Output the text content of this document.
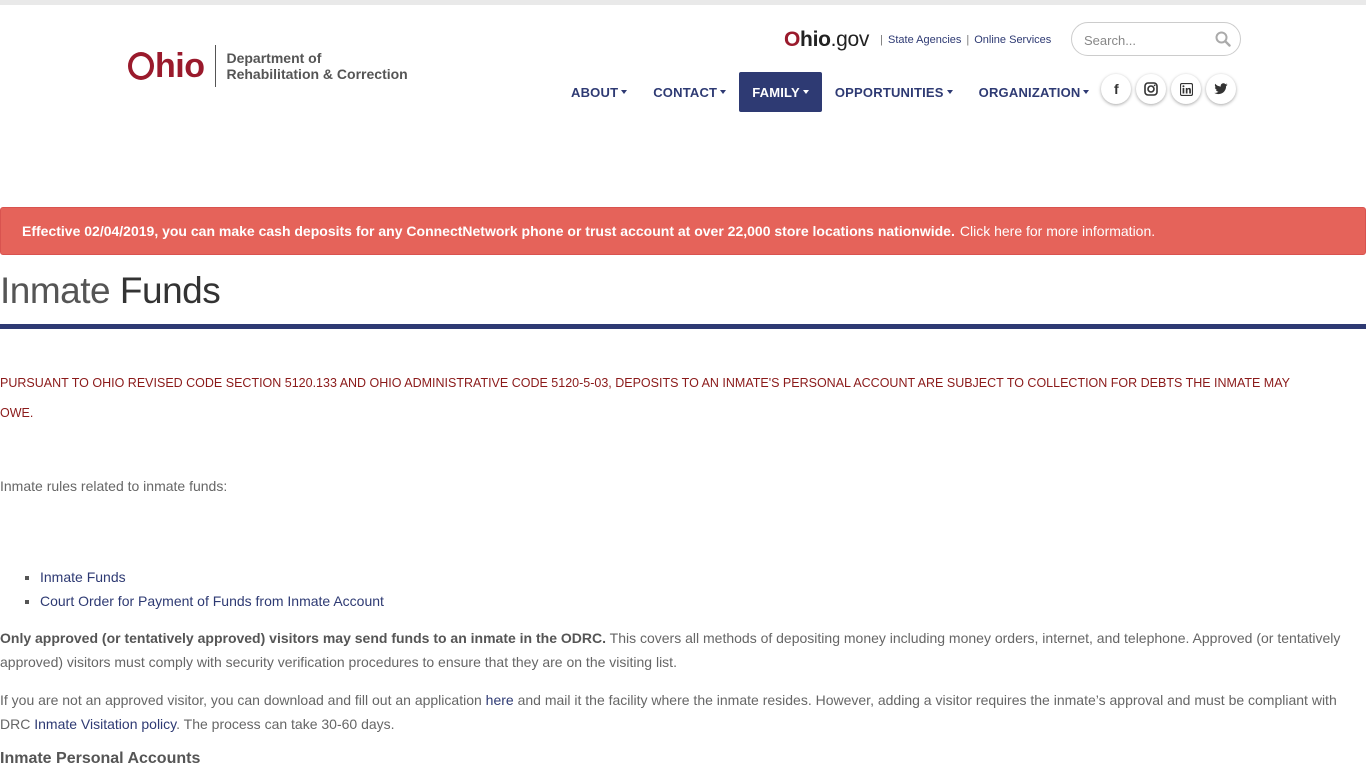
hio Department of
Rehabilitation & Correction
Ohio.gov | State Agencies | Online Services
Search...
ABOUT	CONTACT	FAMILY	OPPORTUNITIES	ORGANIZATION f
Effective 02/04/2019, you can make cash deposits for any ConnectNetwork phone or trust account at over 22,000 store locations nationwide. Click here for more information.
Inmate Funds

PURSUANT TO OHIO REVISED CODE SECTION 5120.133 AND OHIO ADMINISTRATIVE CODE 5120-5-03, DEPOSITS TO AN INMATE'S PERSONAL ACCOUNT ARE SUBJECT TO COLLECTION FOR DEBTS THE INMATE MAY OWE.

Inmate rules related to inmate funds:

▪ Inmate Funds
▪ Court Order for Payment of Funds from Inmate Account

Only approved (or tentatively approved) visitors may send funds to an inmate in the ODRC. This covers all methods of depositing money including money orders, internet, and telephone. Approved (or tentatively approved) visitors must comply with security verification procedures to ensure that they are on the visiting list.

If you are not an approved visitor, you can download and fill out an application here and mail it the facility where the inmate resides. However, adding a visitor requires the inmate’s approval and must be compliant with DRC Inmate Visitation policy. The process can take 30-60 days.

Inmate Personal Accounts
